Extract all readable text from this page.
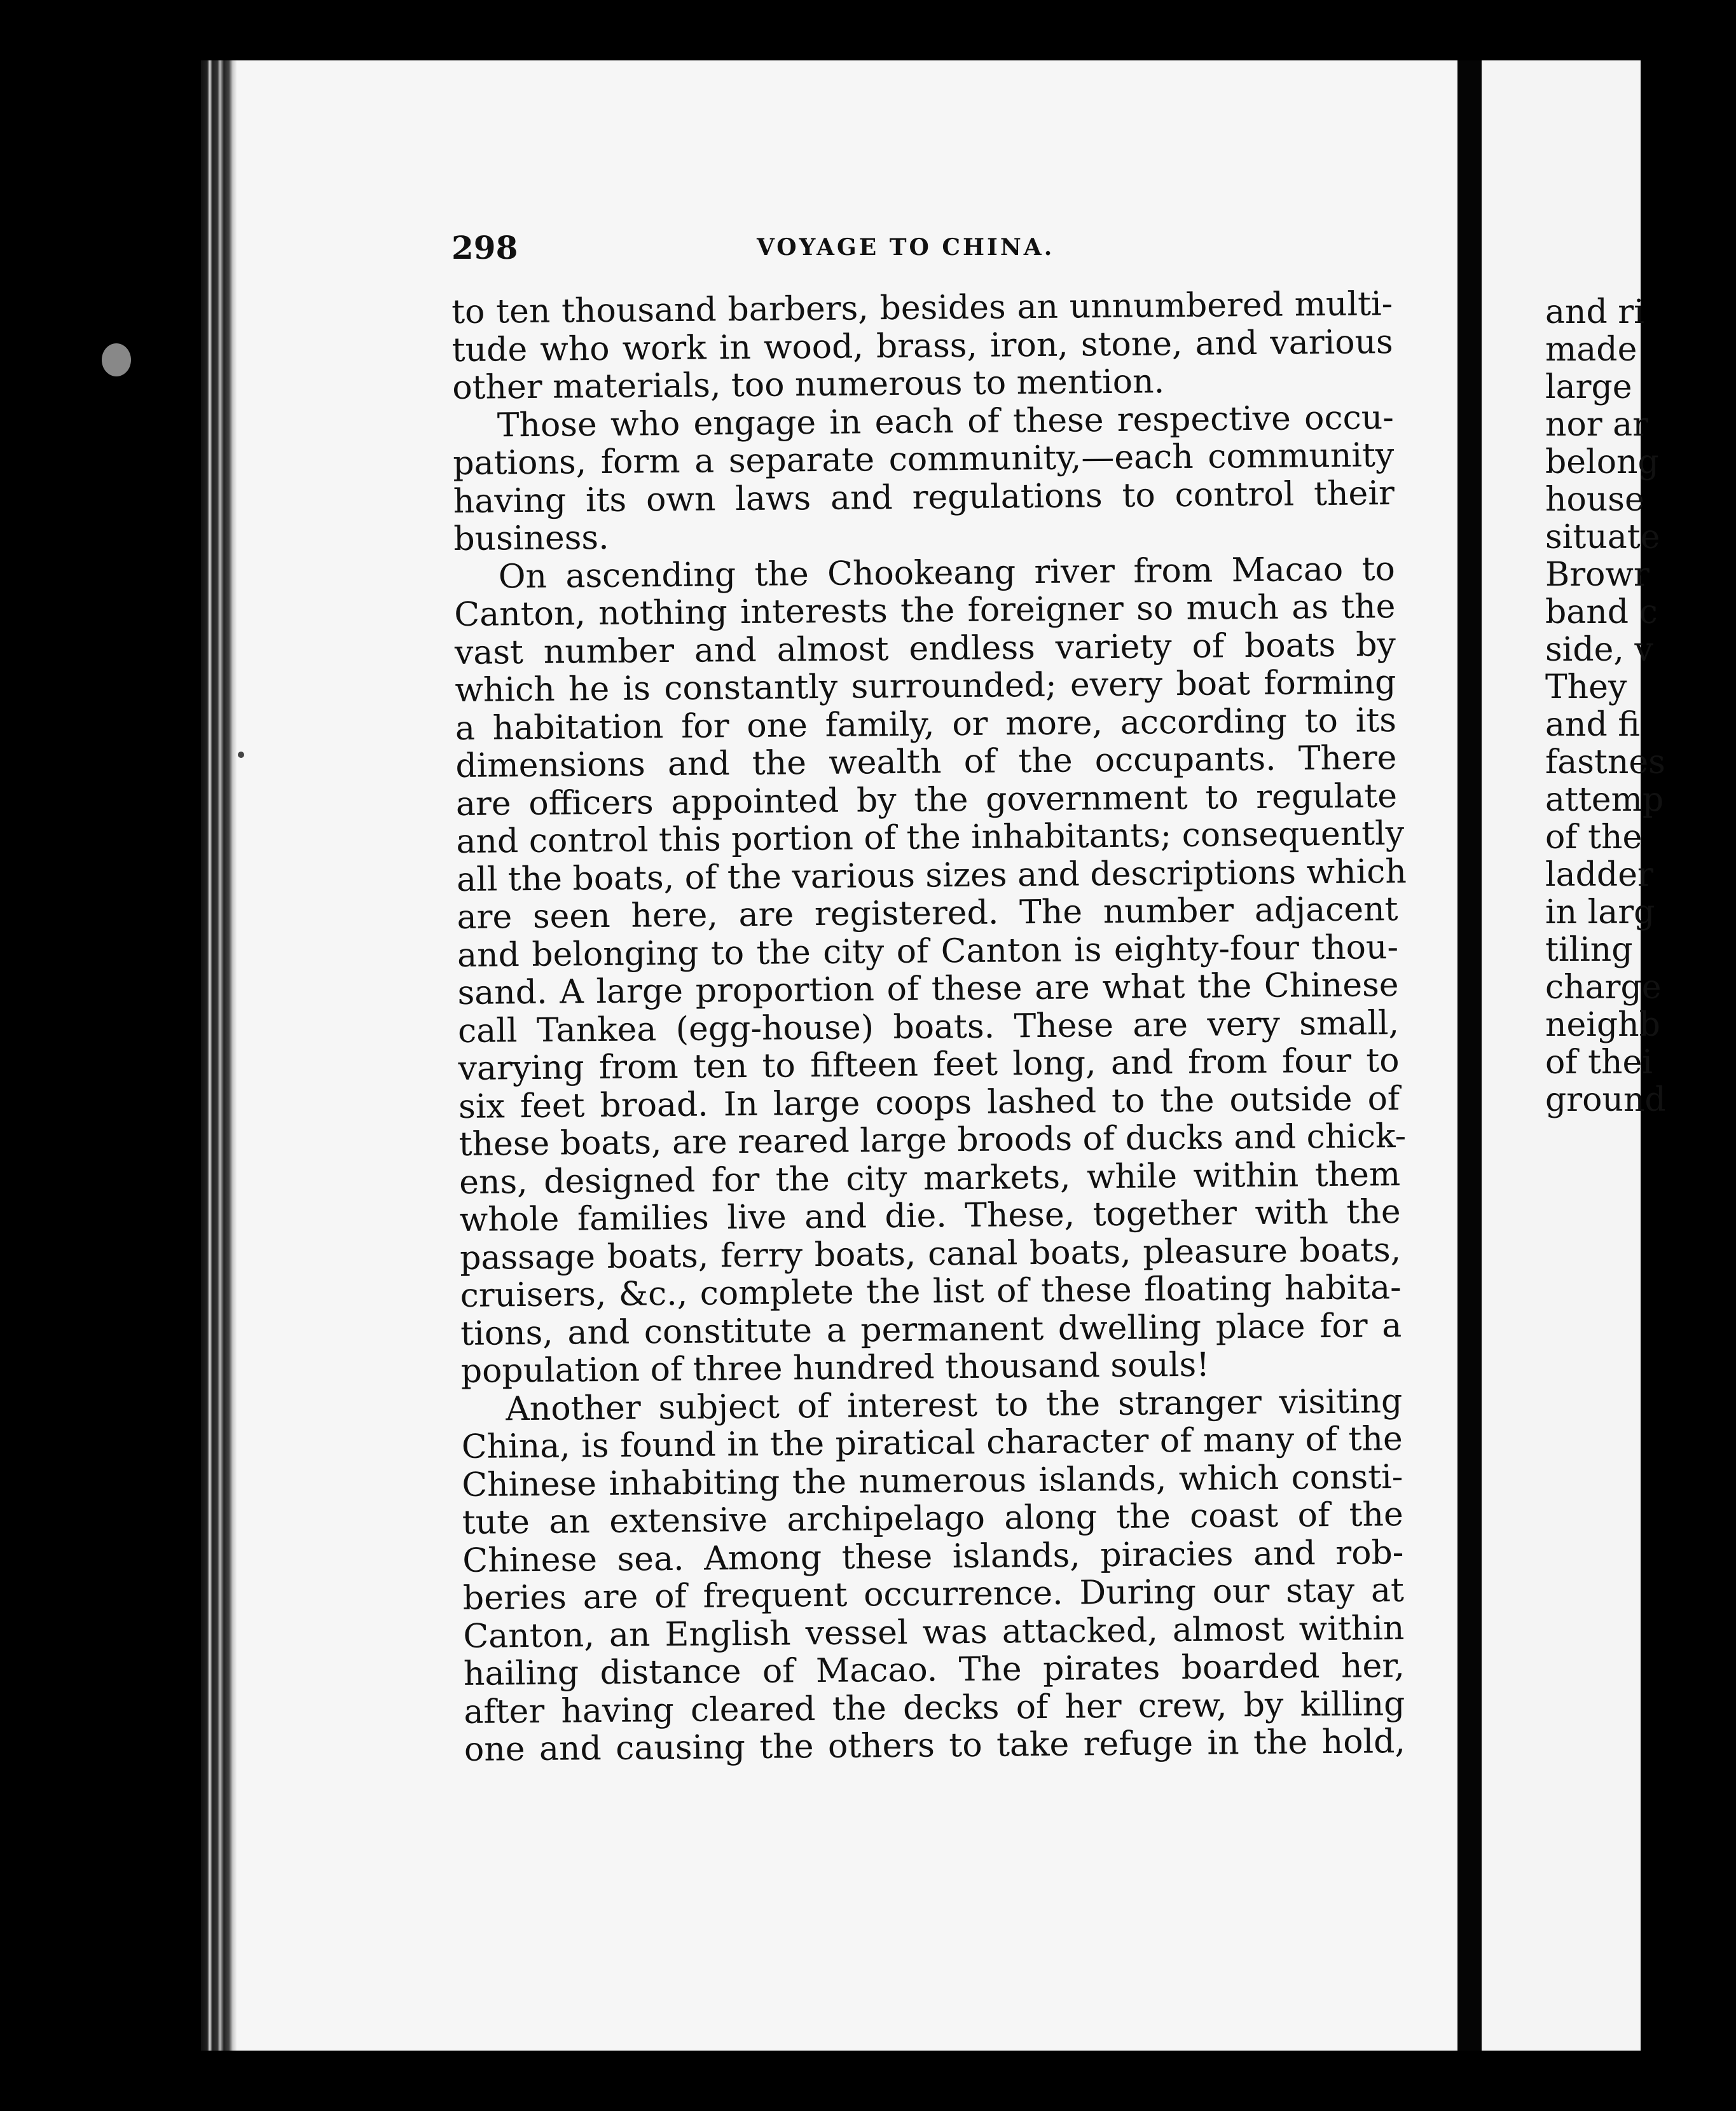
298	VOYAGE TO CHINA.
to ten thousand barbers, besides an unnumbered multi-
tude who work in wood, brass, iron, stone, and various
other materials, too numerous to mention.
Those who engage in each of these respective occu-
pations, form a separate community,—each community
having its own laws and regulations to control their
business.
On ascending the Chookeang river from Macao to
Canton, nothing interests the foreigner so much as the
vast number and almost endless variety of boats by
which he is constantly surrounded; every boat forming
a habitation for one family, or more, according to its
dimensions and the wealth of the occupants. There
are officers appointed by the government to regulate
and control this portion of the inhabitants; consequently
all the boats, of the various sizes and descriptions which
are seen here, are registered. The number adjacent
and belonging to the city of Canton is eighty-four thou-
sand. A large proportion of these are what the Chinese
call Tankea (egg-house) boats. These are very small,
varying from ten to fifteen feet long, and from four to
six feet broad. In large coops lashed to the outside of
these boats, are reared large broods of ducks and chick-
ens, designed for the city markets, while within them
whole families live and die. These, together with the
passage boats, ferry boats, canal boats, pleasure boats,
cruisers, &c., complete the list of these floating habita-
tions, and constitute a permanent dwelling place for a
population of three hundred thousand souls!
Another subject of interest to the stranger visiting
China, is found in the piratical character of many of the
Chinese inhabiting the numerous islands, which consti-
tute an extensive archipelago along the coast of the
Chinese sea. Among these islands, piracies and rob-
beries are of frequent occurrence. During our stay at
Canton, an English vessel was attacked, almost within
hailing distance of Macao. The pirates boarded her,
after having cleared the decks of her crew, by killing
one and causing the others to take refuge in the hold,
and ri
made
large
nor ar
belong
house
situate
Browr
band c
side, v
They
and fi
fastnes
attemp
of the
ladder
in larg
tiling
charge
neighb
of thei
ground
